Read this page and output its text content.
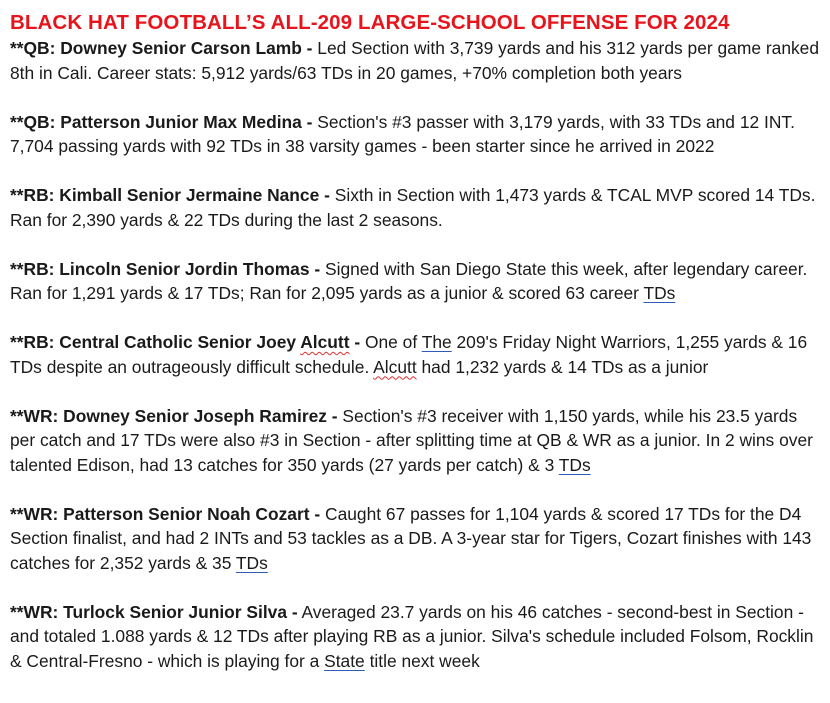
BLACK HAT FOOTBALL’S ALL-209 LARGE-SCHOOL OFFENSE FOR 2024

**QB: Downey Senior Carson Lamb - Led Section with 3,739 yards and his 312 yards per game ranked 8th in Cali. Career stats: 5,912 yards/63 TDs in 20 games, +70% completion both years

**QB: Patterson Junior Max Medina - Section's #3 passer with 3,179 yards, with 33 TDs and 12 INT. 7,704 passing yards with 92 TDs in 38 varsity games - been starter since he arrived in 2022

**RB: Kimball Senior Jermaine Nance - Sixth in Section with 1,473 yards & TCAL MVP scored 14 TDs. Ran for 2,390 yards & 22 TDs during the last 2 seasons.

**RB: Lincoln Senior Jordin Thomas - Signed with San Diego State this week, after legendary career. Ran for 1,291 yards & 17 TDs; Ran for 2,095 yards as a junior & scored 63 career TDs

**RB: Central Catholic Senior Joey Alcutt - One of The 209's Friday Night Warriors, 1,255 yards & 16 TDs despite an outrageously difficult schedule. Alcutt had 1,232 yards & 14 TDs as a junior

**WR: Downey Senior Joseph Ramirez - Section's #3 receiver with 1,150 yards, while his 23.5 yards per catch and 17 TDs were also #3 in Section - after splitting time at QB & WR as a junior. In 2 wins over talented Edison, had 13 catches for 350 yards (27 yards per catch) & 3 TDs

**WR: Patterson Senior Noah Cozart - Caught 67 passes for 1,104 yards & scored 17 TDs for the D4 Section finalist, and had 2 INTs and 53 tackles as a DB. A 3-year star for Tigers, Cozart finishes with 143 catches for 2,352 yards & 35 TDs

**WR: Turlock Senior Junior Silva - Averaged 23.7 yards on his 46 catches - second-best in Section - and totaled 1.088 yards & 12 TDs after playing RB as a junior. Silva's schedule included Folsom, Rocklin & Central-Fresno - which is playing for a State title next week
